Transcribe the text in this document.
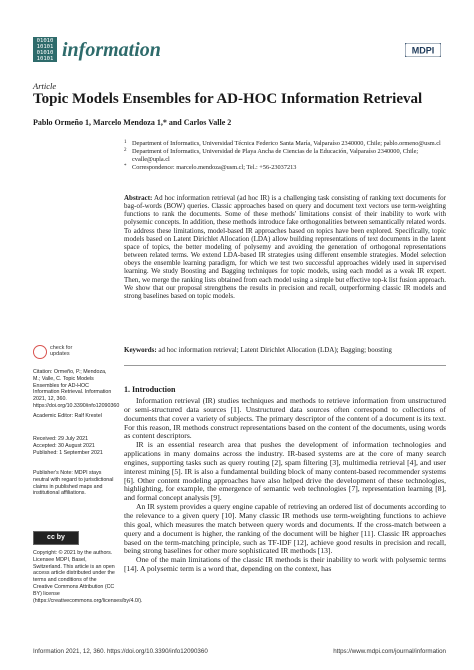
01010
10101
01010
10101 information	MDPI
Article
Topic Models Ensembles for AD-HOC Information Retrieval
Pablo Ormeño 1, Marcelo Mendoza 1,* and Carlos Valle 2
1 Department of Informatics, Universidad Técnica Federico Santa María, Valparaíso 2340000, Chile; pablo.ormeno@usm.cl
2 Department of Informatics, Universidad de Playa Ancha de Ciencias de la Educación, Valparaíso 2340000, Chile; cvalle@upla.cl
* Correspondence: marcelo.mendoza@usm.cl; Tel.: +56-23037213
Abstract: Ad hoc information retrieval (ad hoc IR) is a challenging task consisting of ranking text documents for bag-of-words (BOW) queries. Classic approaches based on query and document text vectors use term-weighting functions to rank the documents. Some of these methods' limitations consist of their inability to work with polysemic concepts. In addition, these methods introduce fake orthogonalities between semantically related words. To address these limitations, model-based IR approaches based on topics have been explored. Specifically, topic models based on Latent Dirichlet Allocation (LDA) allow building representations of text documents in the latent space of topics, the better modeling of polysemy and avoiding the generation of orthogonal representations between related terms. We extend LDA-based IR strategies using different ensemble strategies. Model selection obeys the ensemble learning paradigm, for which we test two successful approaches widely used in supervised learning. We study Boosting and Bagging techniques for topic models, using each model as a weak IR expert. Then, we merge the ranking lists obtained from each model using a simple but effective top-k list fusion approach. We show that our proposal strengthens the results in precision and recall, outperforming classic IR models and strong baselines based on topic models.
Keywords: ad hoc information retrieval; Latent Dirichlet Allocation (LDA); Bagging; boosting
check for
updates
Citation: Ormeño, P.; Mendoza, M.; Valle, C. Topic Models Ensembles for AD-HOC Information Retrieval. Information 2021, 12, 360. https://doi.org/10.3390/info12090360
Academic Editor: Ralf Krestel
Received: 29 July 2021
Accepted: 30 August 2021
Published: 1 September 2021
Publisher's Note: MDPI stays neutral with regard to jurisdictional claims in published maps and institutional affiliations.
cc by
Copyright: © 2021 by the authors. Licensee MDPI, Basel, Switzerland. This article is an open access article distributed under the terms and conditions of the Creative Commons Attribution (CC BY) license (https://creativecommons.org/licenses/by/4.0/).
1. Introduction

Information retrieval (IR) studies techniques and methods to retrieve information from unstructured or semi-structured data sources [1]. Unstructured data sources often correspond to collections of documents that cover a variety of subjects. The primary descriptor of the content of a document is its text. For this reason, IR methods construct representations based on the content of the documents, using words as content descriptors.

IR is an essential research area that pushes the development of information technologies and applications in many domains across the industry. IR-based systems are at the core of many search engines, supporting tasks such as query routing [2], spam filtering [3], multimedia retrieval [4], and user interest mining [5]. IR is also a fundamental building block of many content-based recommender systems [6]. Other content modeling approaches have also helped drive the development of these technologies, highlighting, for example, the emergence of semantic web technologies [7], representation learning [8], and formal concept analysis [9].

An IR system provides a query engine capable of retrieving an ordered list of documents according to the relevance to a given query [10]. Many classic IR methods use term-weighting functions to achieve this goal, which measures the match between query words and documents. If the cross-match between a query and a document is higher, the ranking of the document will be higher [11]. Classic IR approaches based on the term-matching principle, such as TF-IDF [12], achieve good results in precision and recall, being strong baselines for other more sophisticated IR methods [13].

One of the main limitations of the classic IR methods is their inability to work with polysemic terms [14]. A polysemic term is a word that, depending on the context, has

Information 2021, 12, 360. https://doi.org/10.3390/info12090360	https://www.mdpi.com/journal/information
